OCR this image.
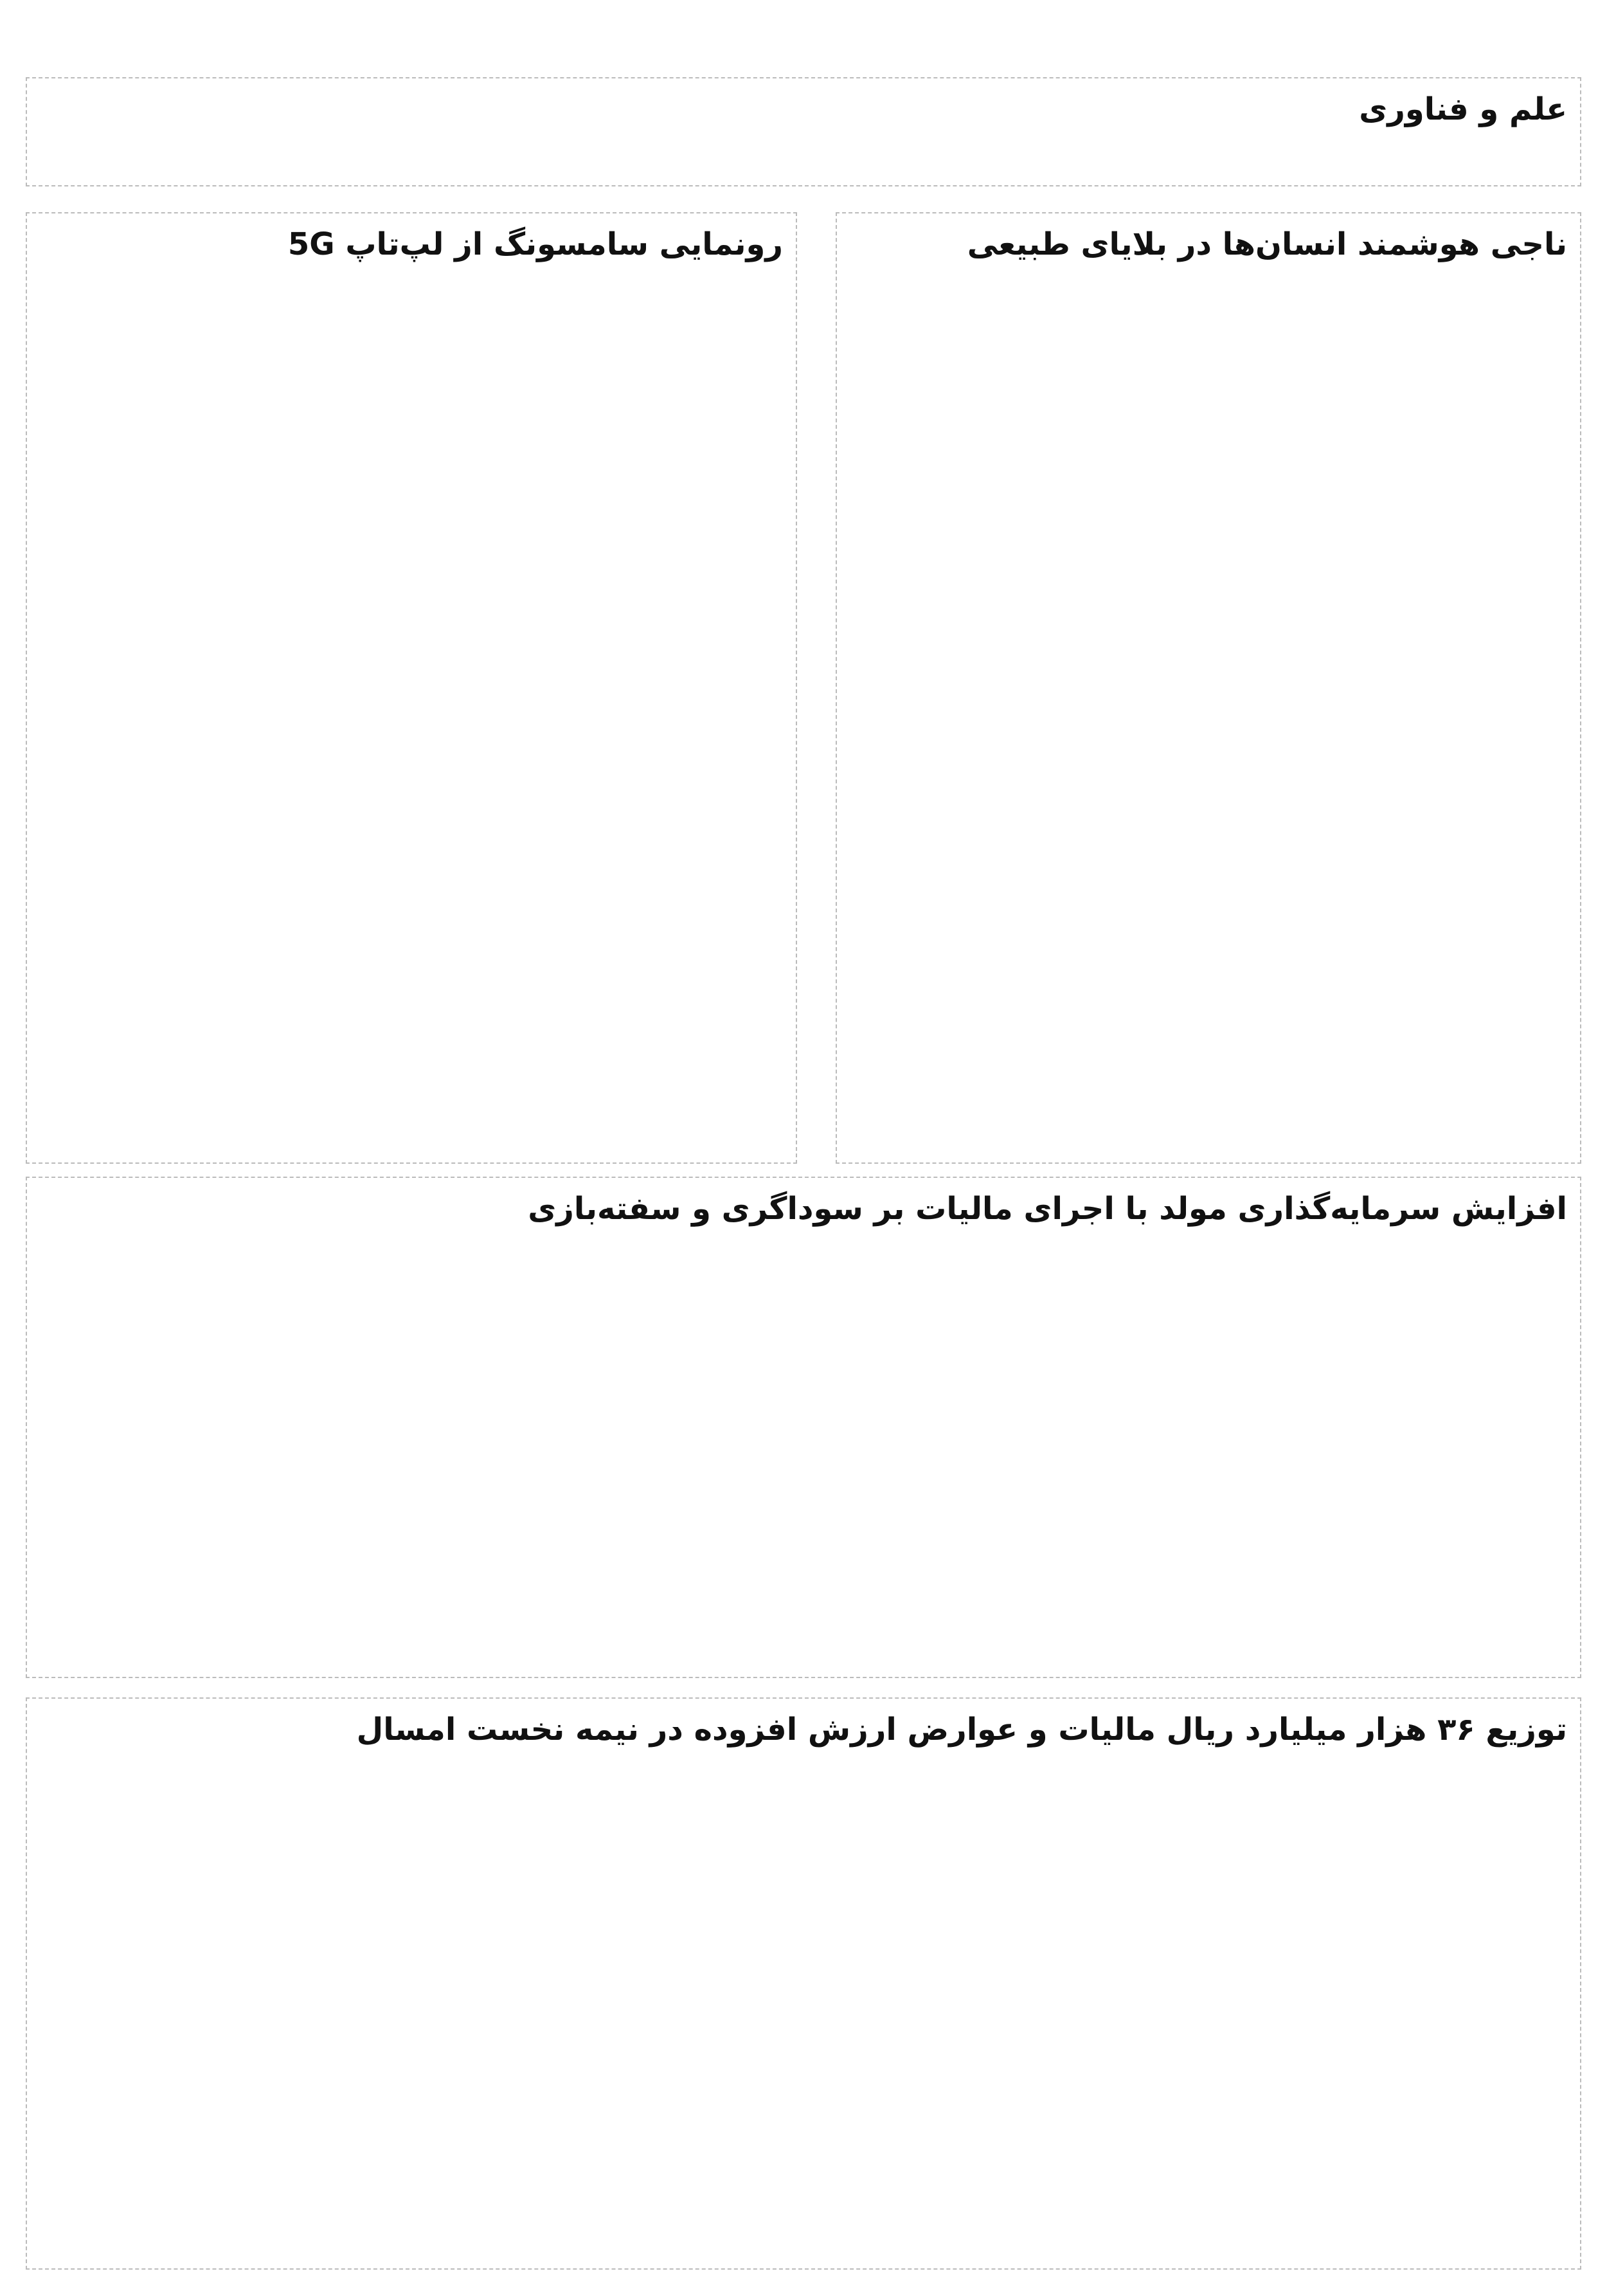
علم و فناوری
ناجی هوشمند انسان‌ها در بلایای طبیعی
رونمایی سامسونگ از لپ‌تاپ 5G
افزایش سرمایه‌گذاری مولد با اجرای مالیات بر سوداگری و سفته‌بازی
توزیع ۳۶ هزار میلیارد ریال مالیات و عوارض ارزش افزوده در نیمه نخست امسال
